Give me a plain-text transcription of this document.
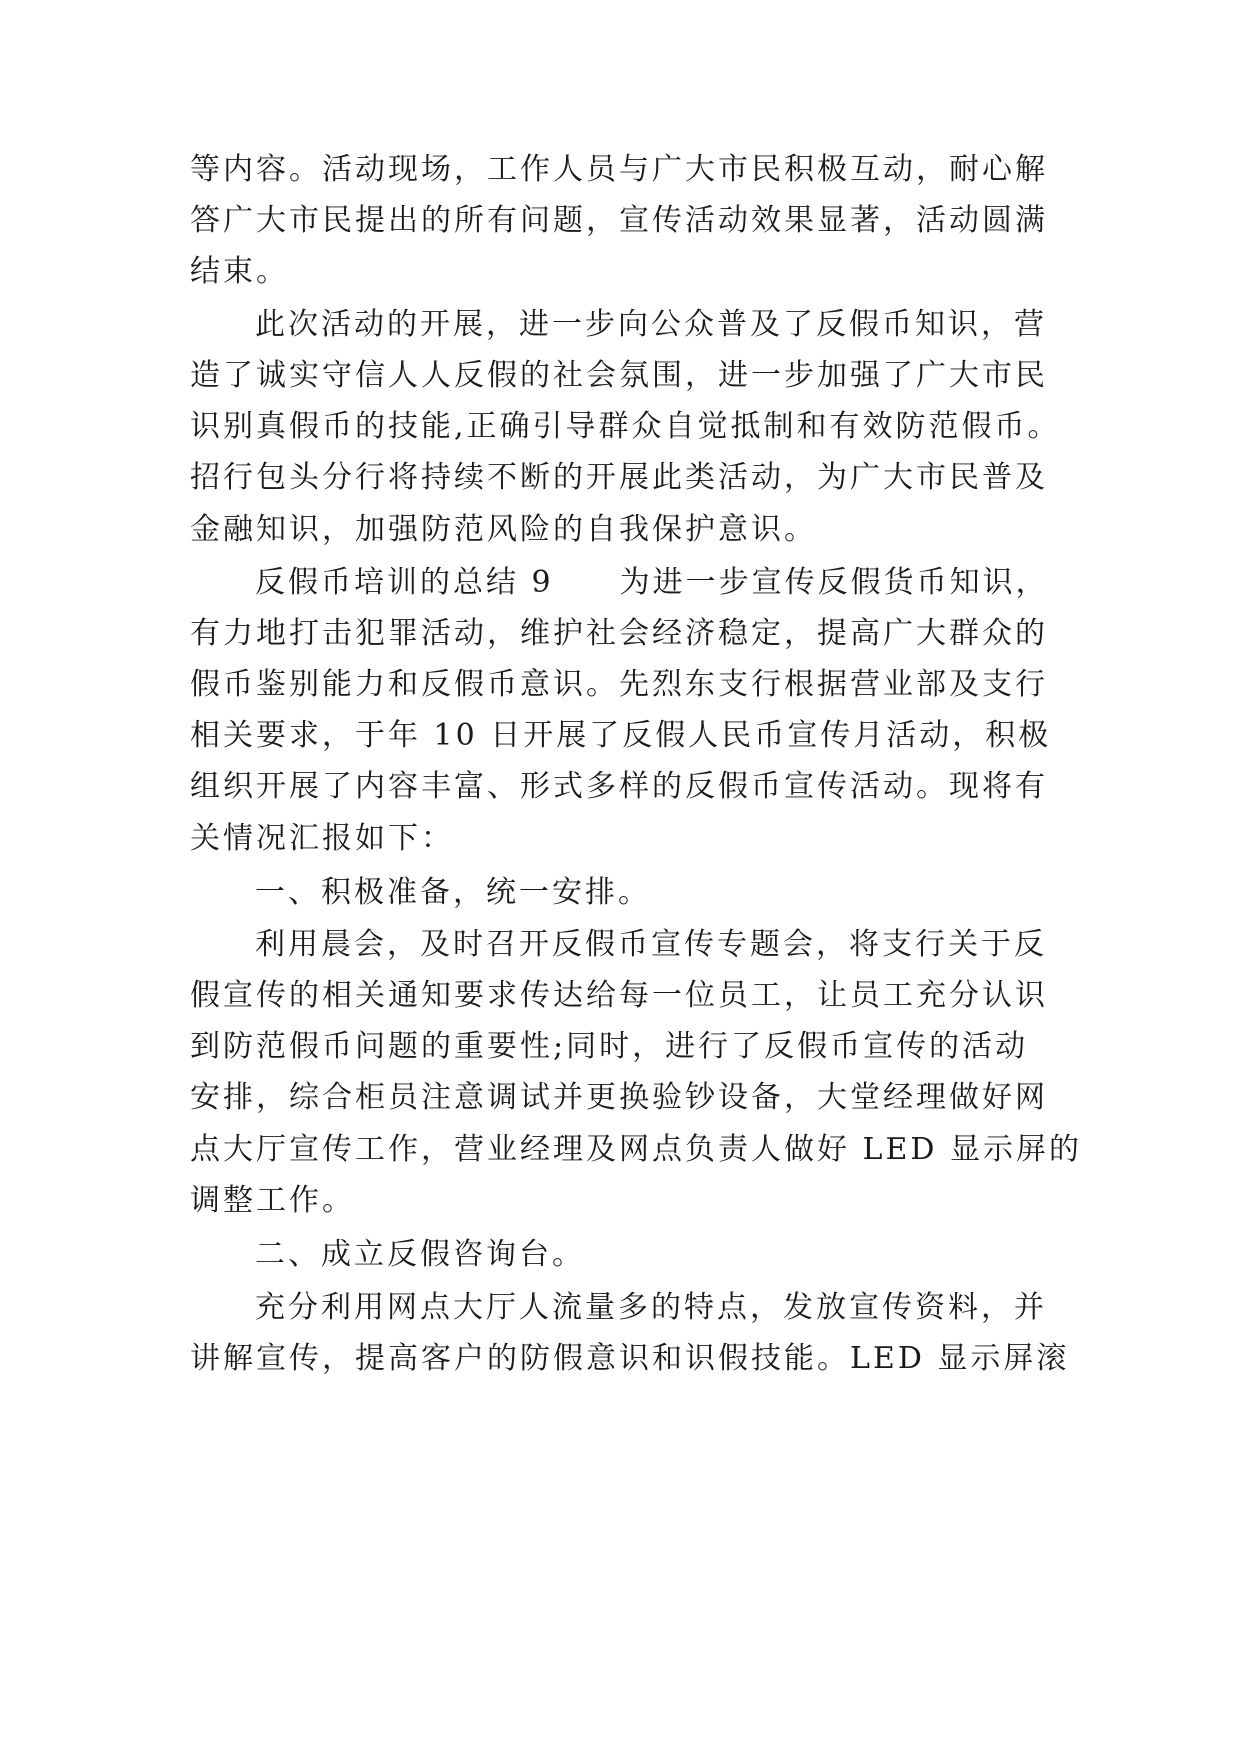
等内容。活动现场，工作人员与广大市民积极互动，耐心解
答广大市民提出的所有问题，宣传活动效果显著，活动圆满
结束。
此次活动的开展，进一步向公众普及了反假币知识，营
造了诚实守信人人反假的社会氛围，进一步加强了广大市民
识别真假币的技能,正确引导群众自觉抵制和有效防范假币。
招行包头分行将持续不断的开展此类活动，为广大市民普及
金融知识，加强防范风险的自我保护意识。
反假币培训的总结 9　　为进一步宣传反假货币知识，
有力地打击犯罪活动，维护社会经济稳定，提高广大群众的
假币鉴别能力和反假币意识。先烈东支行根据营业部及支行
相关要求，于年 10 日开展了反假人民币宣传月活动，积极
组织开展了内容丰富、形式多样的反假币宣传活动。现将有
关情况汇报如下：
一、积极准备，统一安排。
利用晨会，及时召开反假币宣传专题会，将支行关于反
假宣传的相关通知要求传达给每一位员工，让员工充分认识
到防范假币问题的重要性;同时，进行了反假币宣传的活动
安排，综合柜员注意调试并更换验钞设备，大堂经理做好网
点大厅宣传工作，营业经理及网点负责人做好 LED 显示屏的
调整工作。
二、成立反假咨询台。
充分利用网点大厅人流量多的特点，发放宣传资料，并
讲解宣传，提高客户的防假意识和识假技能。LED 显示屏滚
